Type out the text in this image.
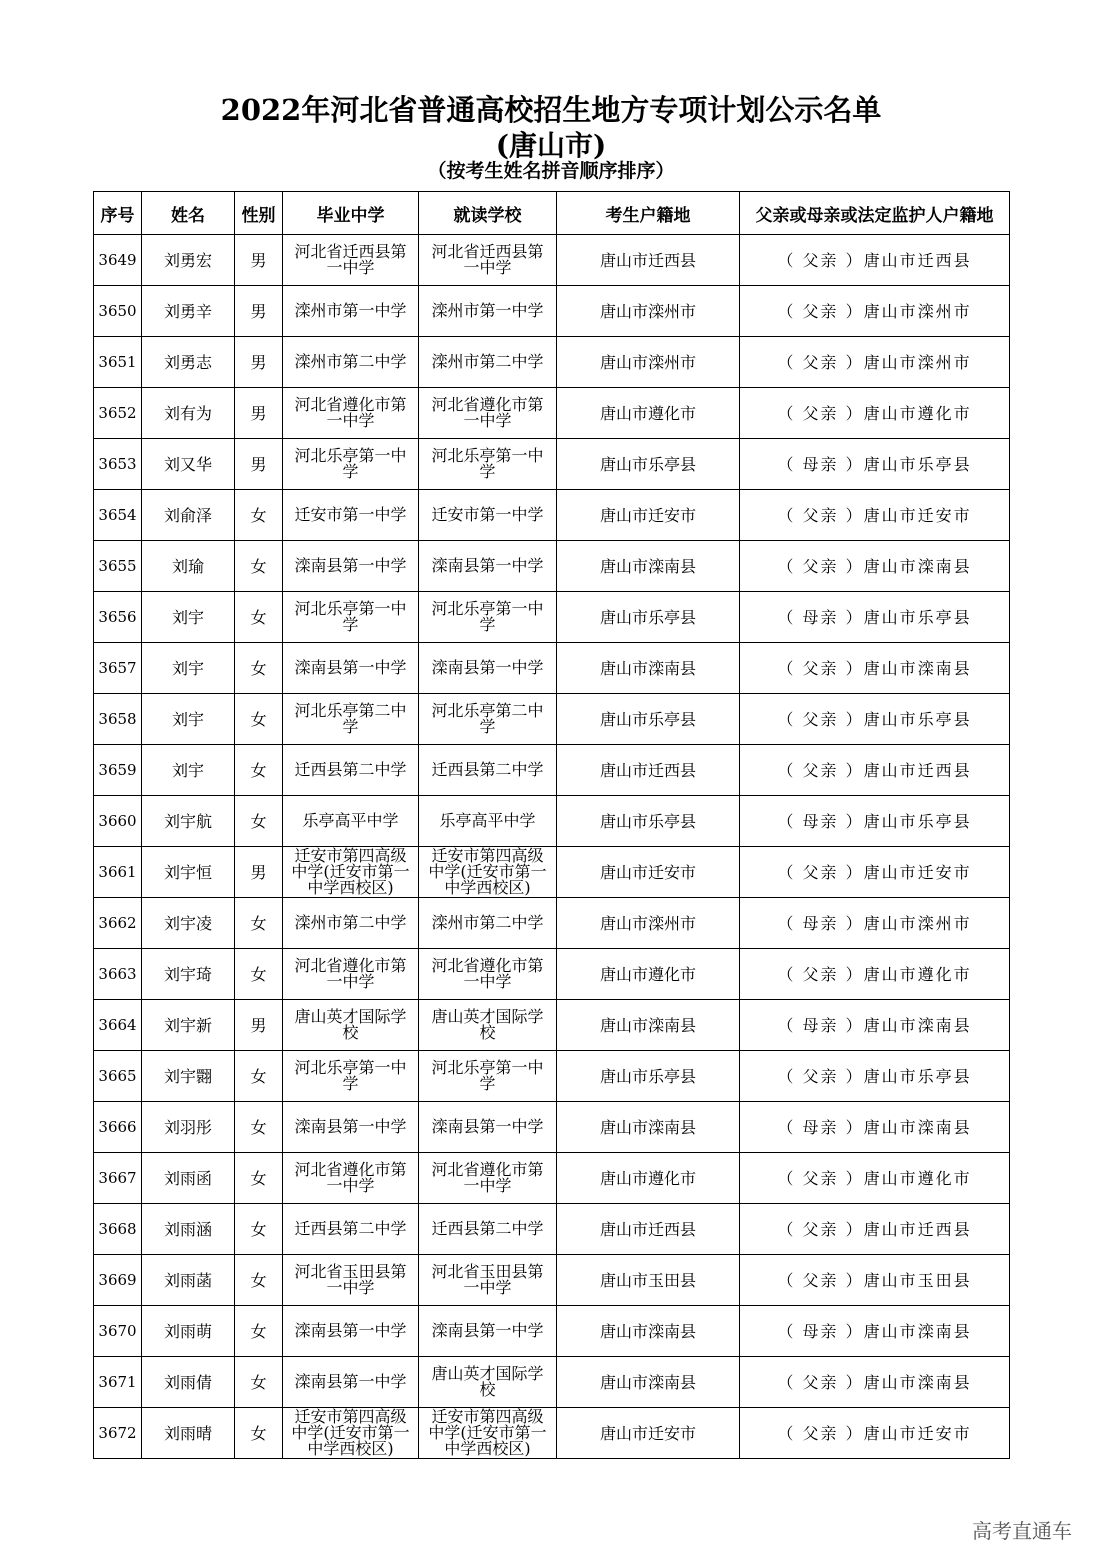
2022年河北省普通高校招生地方专项计划公示名单
(唐山市)
（按考生姓名拼音顺序排序）
序号	姓名	性别	毕业中学	就读学校	考生户籍地	父亲或母亲或法定监护人户籍地
3649	刘勇宏	男	河北省迁西县第一中学	河北省迁西县第一中学	唐山市迁西县	（ 父亲 ）唐山市迁西县
3650	刘勇辛	男	滦州市第一中学	滦州市第一中学	唐山市滦州市	（ 父亲 ）唐山市滦州市
3651	刘勇志	男	滦州市第二中学	滦州市第二中学	唐山市滦州市	（ 父亲 ）唐山市滦州市
3652	刘有为	男	河北省遵化市第一中学	河北省遵化市第一中学	唐山市遵化市	（ 父亲 ）唐山市遵化市
3653	刘又华	男	河北乐亭第一中学	河北乐亭第一中学	唐山市乐亭县	（ 母亲 ）唐山市乐亭县
3654	刘俞泽	女	迁安市第一中学	迁安市第一中学	唐山市迁安市	（ 父亲 ）唐山市迁安市
3655	刘瑜	女	滦南县第一中学	滦南县第一中学	唐山市滦南县	（ 父亲 ）唐山市滦南县
3656	刘宇	女	河北乐亭第一中学	河北乐亭第一中学	唐山市乐亭县	（ 母亲 ）唐山市乐亭县
3657	刘宇	女	滦南县第一中学	滦南县第一中学	唐山市滦南县	（ 父亲 ）唐山市滦南县
3658	刘宇	女	河北乐亭第二中学	河北乐亭第二中学	唐山市乐亭县	（ 父亲 ）唐山市乐亭县
3659	刘宇	女	迁西县第二中学	迁西县第二中学	唐山市迁西县	（ 父亲 ）唐山市迁西县
3660	刘宇航	女	乐亭高平中学	乐亭高平中学	唐山市乐亭县	（ 母亲 ）唐山市乐亭县
3661	刘宇恒	男	迁安市第四高级中学(迁安市第一中学西校区)	迁安市第四高级中学(迁安市第一中学西校区)	唐山市迁安市	（ 父亲 ）唐山市迁安市
3662	刘宇凌	女	滦州市第二中学	滦州市第二中学	唐山市滦州市	（ 母亲 ）唐山市滦州市
3663	刘宇琦	女	河北省遵化市第一中学	河北省遵化市第一中学	唐山市遵化市	（ 父亲 ）唐山市遵化市
3664	刘宇新	男	唐山英才国际学校	唐山英才国际学校	唐山市滦南县	（ 母亲 ）唐山市滦南县
3665	刘宇翾	女	河北乐亭第一中学	河北乐亭第一中学	唐山市乐亭县	（ 父亲 ）唐山市乐亭县
3666	刘羽彤	女	滦南县第一中学	滦南县第一中学	唐山市滦南县	（ 母亲 ）唐山市滦南县
3667	刘雨函	女	河北省遵化市第一中学	河北省遵化市第一中学	唐山市遵化市	（ 父亲 ）唐山市遵化市
3668	刘雨涵	女	迁西县第二中学	迁西县第二中学	唐山市迁西县	（ 父亲 ）唐山市迁西县
3669	刘雨菡	女	河北省玉田县第一中学	河北省玉田县第一中学	唐山市玉田县	（ 父亲 ）唐山市玉田县
3670	刘雨萌	女	滦南县第一中学	滦南县第一中学	唐山市滦南县	（ 母亲 ）唐山市滦南县
3671	刘雨倩	女	滦南县第一中学	唐山英才国际学校	唐山市滦南县	（ 父亲 ）唐山市滦南县
3672	刘雨晴	女	迁安市第四高级中学(迁安市第一中学西校区)	迁安市第四高级中学(迁安市第一中学西校区)	唐山市迁安市	（ 父亲 ）唐山市迁安市
高考直通车
